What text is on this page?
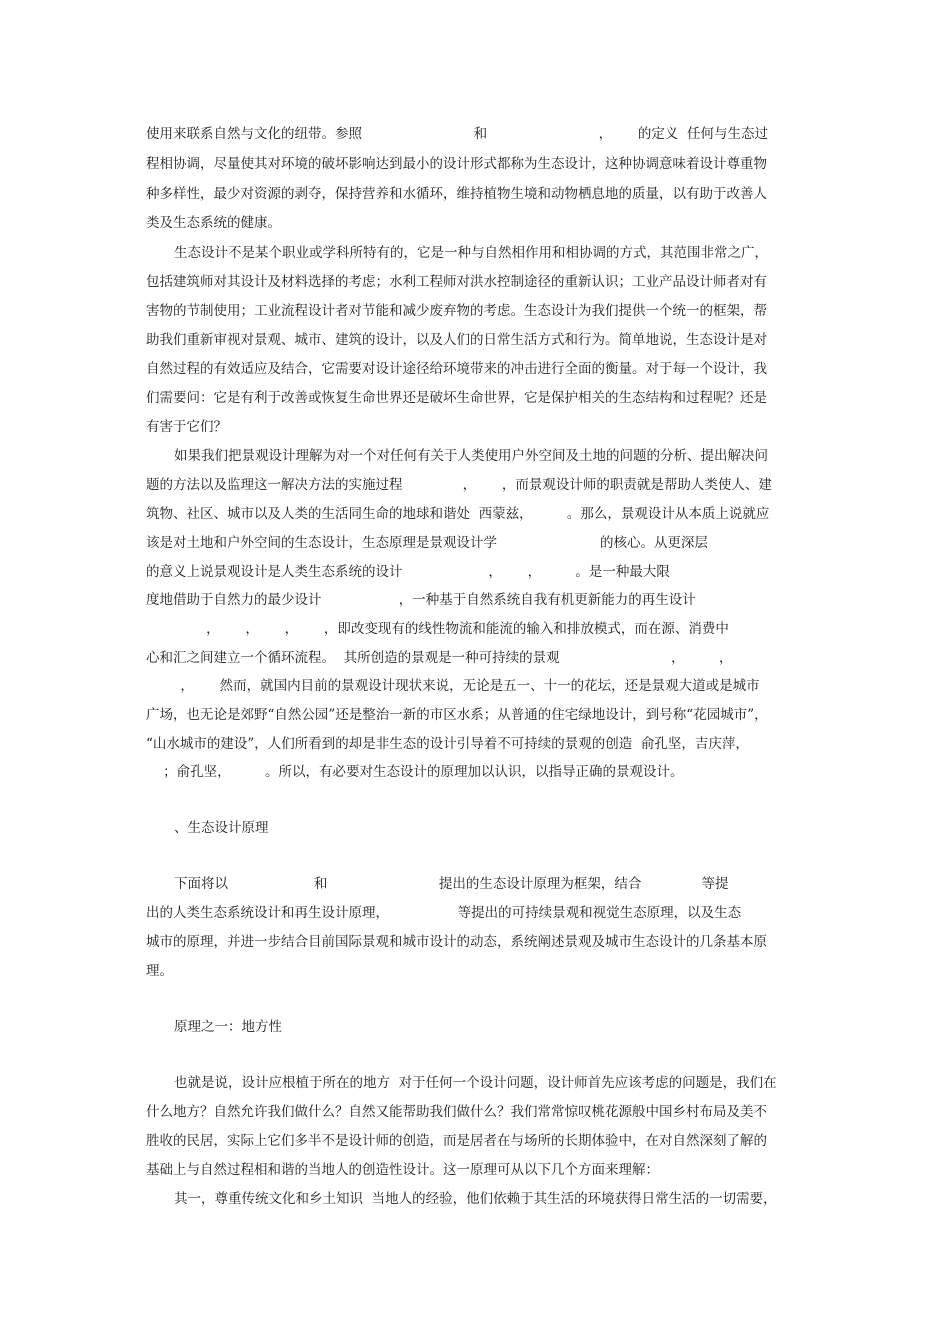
使用来联系自然与文化的纽带。参照                          和                          ，      的定义  任何与生态过
程相协调，尽量使其对环境的破坏影响达到最小的设计形式都称为生态设计，这种协调意味着设计尊重物
种多样性，最少对资源的剥夺，保持营养和水循环，维持植物生境和动物栖息地的质量，以有助于改善人
类及生态系统的健康。
生态设计不是某个职业或学科所特有的，它是一种与自然相作用和相协调的方式，其范围非常之广，
包括建筑师对其设计及材料选择的考虑；水利工程师对洪水控制途径的重新认识；工业产品设计师者对有
害物的节制使用；工业流程设计者对节能和减少废弃物的考虑。生态设计为我们提供一个统一的框架，帮
助我们重新审视对景观、城市、建筑的设计，以及人们的日常生活方式和行为。简单地说，生态设计是对
自然过程的有效适应及结合，它需要对设计途径给环境带来的冲击进行全面的衡量。对于每一个设计，我
们需要问：它是有利于改善或恢复生命世界还是破坏生命世界，它是保护相关的生态结构和过程呢？还是
有害于它们？
如果我们把景观设计理解为对一个对任何有关于人类使用户外空间及土地的问题的分析、提出解决问
题的方法以及监理这一解决方法的实施过程              ，      ，而景观设计师的职责就是帮助人类使人、建
筑物、社区、城市以及人类的生活同生命的地球和谐处  西蒙兹，        。那么，景观设计从本质上说就应
该是对土地和户外空间的生态设计，生态原理是景观设计学                        的核心。从更深层
的意义上说景观设计是人类生态系统的设计                    ，      ，        。是一种最大限
度地借助于自然力的最少设计                  ，一种基于自然系统自我有机更新能力的再生设计
，      ，      ，      ，即改变现有的线性物流和能流的输入和排放模式，而在源、消费中
心和汇之间建立一个循环流程。  其所创造的景观是一种可持续的景观                          ，        ，
，      然而，就国内目前的景观设计现状来说，无论是五一、十一的花坛，还是景观大道或是城市
广场，也无论是郊野“自然公园”还是整治一新的市区水系；从普通的住宅绿地设计，到号称“花园城市”，
“山水城市的建设”，人们所看到的却是非生态的设计引导着不可持续的景观的创造  俞孔坚，吉庆萍，
；俞孔坚，        。所以，有必要对生态设计的原理加以认识，以指导正确的景观设计。
、生态设计原理
下面将以                    和                          提出的生态设计原理为框架，结合              等提
出的人类生态系统设计和再生设计原理，                等提出的可持续景观和视觉生态原理，以及生态
城市的原理，并进一步结合目前国际景观和城市设计的动态，系统阐述景观及城市生态设计的几条基本原
理。
原理之一：地方性
也就是说，设计应根植于所在的地方  对于任何一个设计问题，设计师首先应该考虑的问题是，我们在
什么地方？自然允许我们做什么？自然又能帮助我们做什么？我们常常惊叹桃花源般中国乡村布局及美不
胜收的民居，实际上它们多半不是设计师的创造，而是居者在与场所的长期体验中，在对自然深刻了解的
基础上与自然过程相和谐的当地人的创造性设计。这一原理可从以下几个方面来理解：
其一，尊重传统文化和乡土知识  当地人的经验，他们依赖于其生活的环境获得日常生活的一切需要，
